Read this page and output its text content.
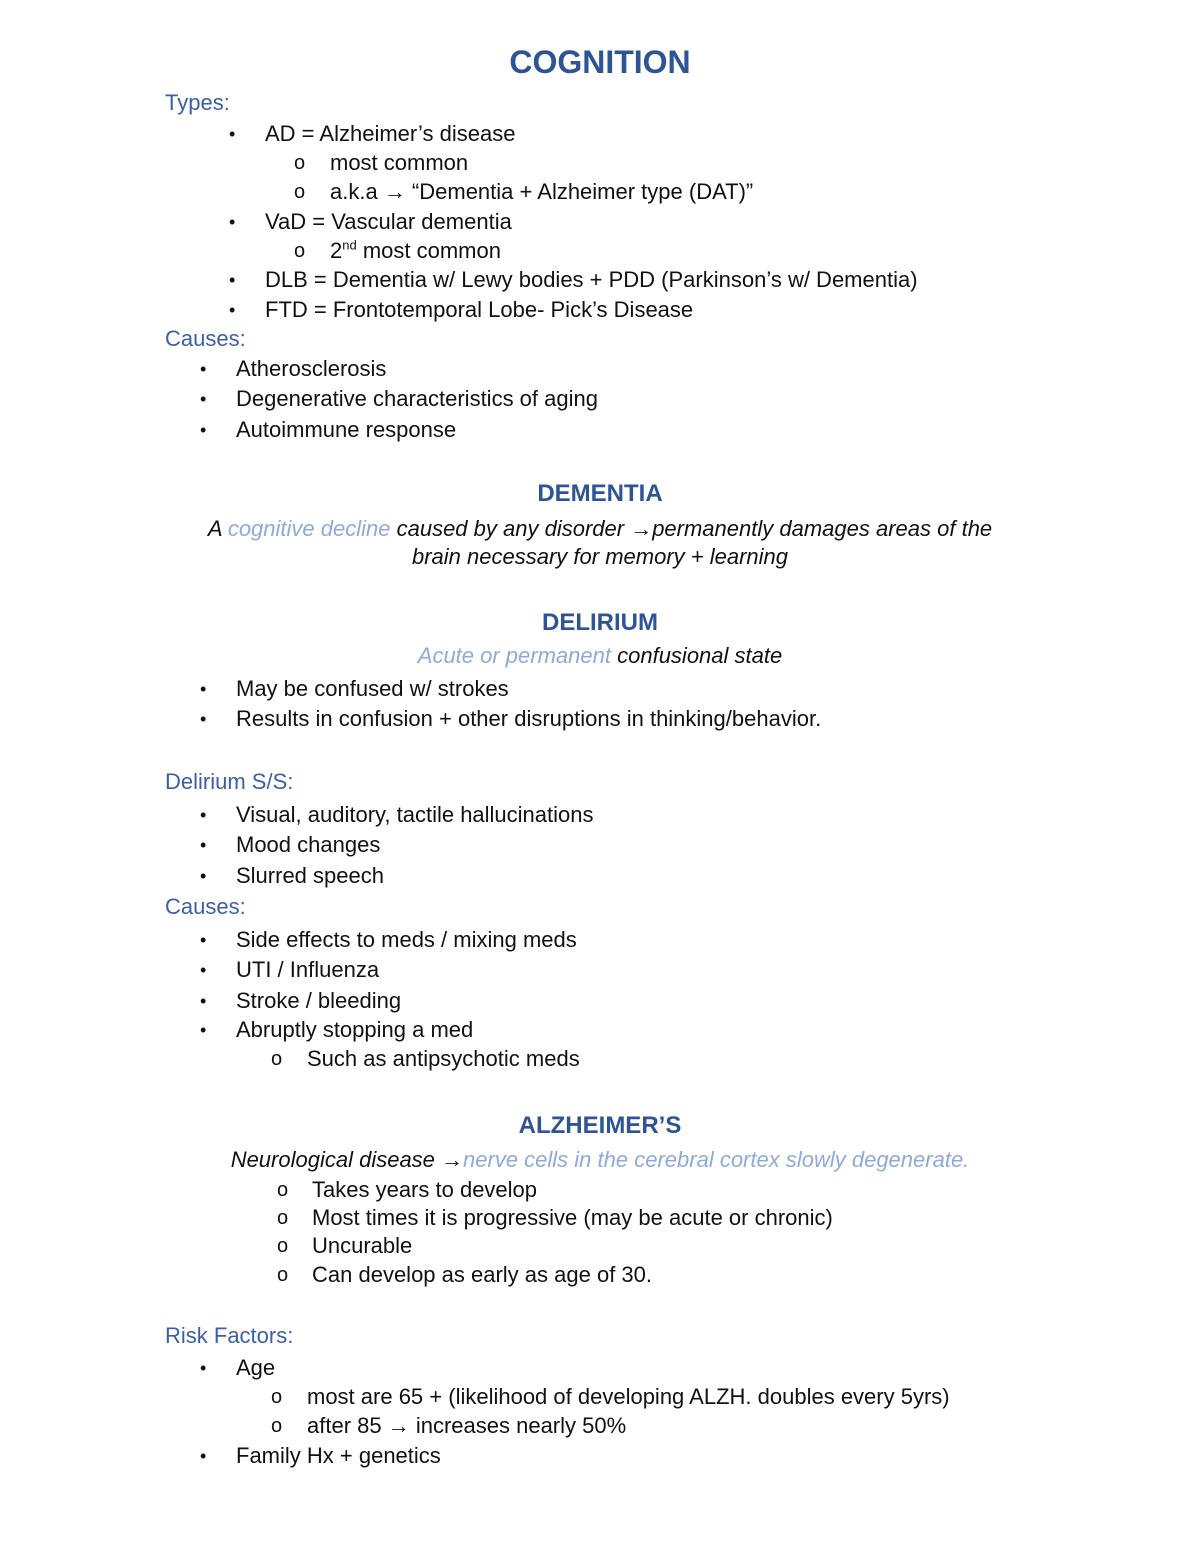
COGNITION
Types:
• AD = Alzheimer’s disease
o most common
o a.k.a → “Dementia + Alzheimer type (DAT)”
• VaD = Vascular dementia
o 2nd most common
• DLB = Dementia w/ Lewy bodies + PDD (Parkinson’s w/ Dementia)
• FTD = Frontotemporal Lobe- Pick’s Disease
Causes:
• Atherosclerosis
• Degenerative characteristics of aging
• Autoimmune response
DEMENTIA
A cognitive decline caused by any disorder →permanently damages areas of the
brain necessary for memory + learning
DELIRIUM
Acute or permanent confusional state
• May be confused w/ strokes
• Results in confusion + other disruptions in thinking/behavior.
Delirium S/S:
• Visual, auditory, tactile hallucinations
• Mood changes
• Slurred speech
Causes:
• Side effects to meds / mixing meds
• UTI / Influenza
• Stroke / bleeding
• Abruptly stopping a med
o Such as antipsychotic meds
ALZHEIMER’S
Neurological disease →nerve cells in the cerebral cortex slowly degenerate.
o Takes years to develop
o Most times it is progressive (may be acute or chronic)
o Uncurable
o Can develop as early as age of 30.
Risk Factors:
• Age
o most are 65 + (likelihood of developing ALZH. doubles every 5yrs)
o after 85 → increases nearly 50%
• Family Hx + genetics
